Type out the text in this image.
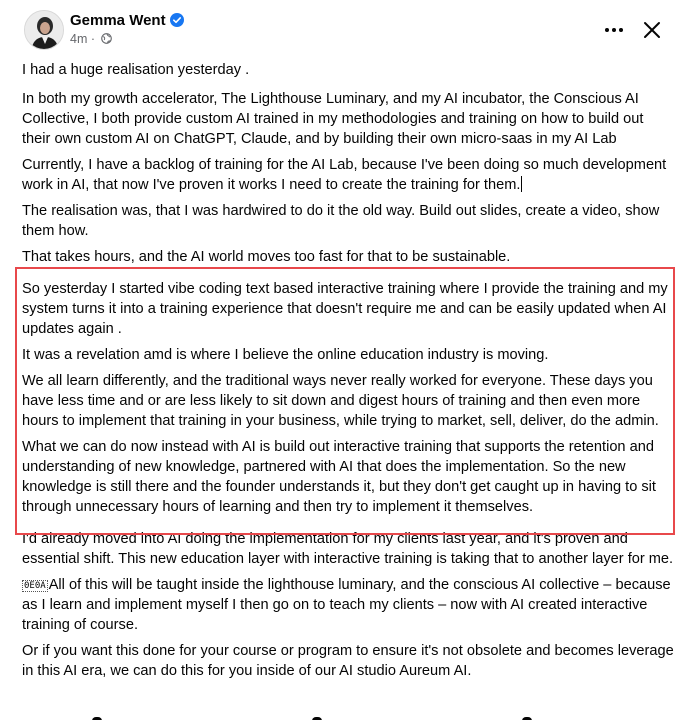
Gemma Went
4m ·

I had a huge realisation yesterday .

In both my growth accelerator, The Lighthouse Luminary, and my AI incubator, the Conscious AI Collective, I both provide custom AI trained in my methodologies and training on how to build out their own custom AI on ChatGPT, Claude, and by building their own micro-saas in my AI Lab

Currently, I have a backlog of training for the AI Lab, because I've been doing so much development work in AI, that now I've proven it works I need to create the training for them.

The realisation was, that I was hardwired to do it the old way. Build out slides, create a video, show them how.

That takes hours, and the AI world moves too fast for that to be sustainable.

So yesterday I started vibe coding text based interactive training where I provide the training and my system turns it into a training experience that doesn't require me and can be easily updated when AI updates again .

It was a revelation amd is where I believe the online education industry is moving.

We all learn differently, and the traditional ways never really worked for everyone. These days you have less time and or are less likely to sit down and digest hours of training and then even more hours to implement that training in your business, while trying to market, sell, deliver, do the admin.

What we can do now instead with AI is build out interactive training that supports the retention and understanding of new knowledge, partnered with AI that does the implementation. So the new knowledge is still there and the founder understands it, but they don't get caught up in having to sit through unnecessary hours of learning and then try to implement it themselves.

I'd already moved into AI doing the implementation for my clients last year, and it's proven and essential shift. This new education layer with interactive training is taking that to another layer for me.

0E0A All of this will be taught inside the lighthouse luminary, and the conscious AI collective – because as I learn and implement myself I then go on to teach my clients – now with AI created interactive training of course.

Or if you want this done for your course or program to ensure it's not obsolete and becomes leverage in this AI era, we can do this for you inside of our AI studio Aureum AI.
